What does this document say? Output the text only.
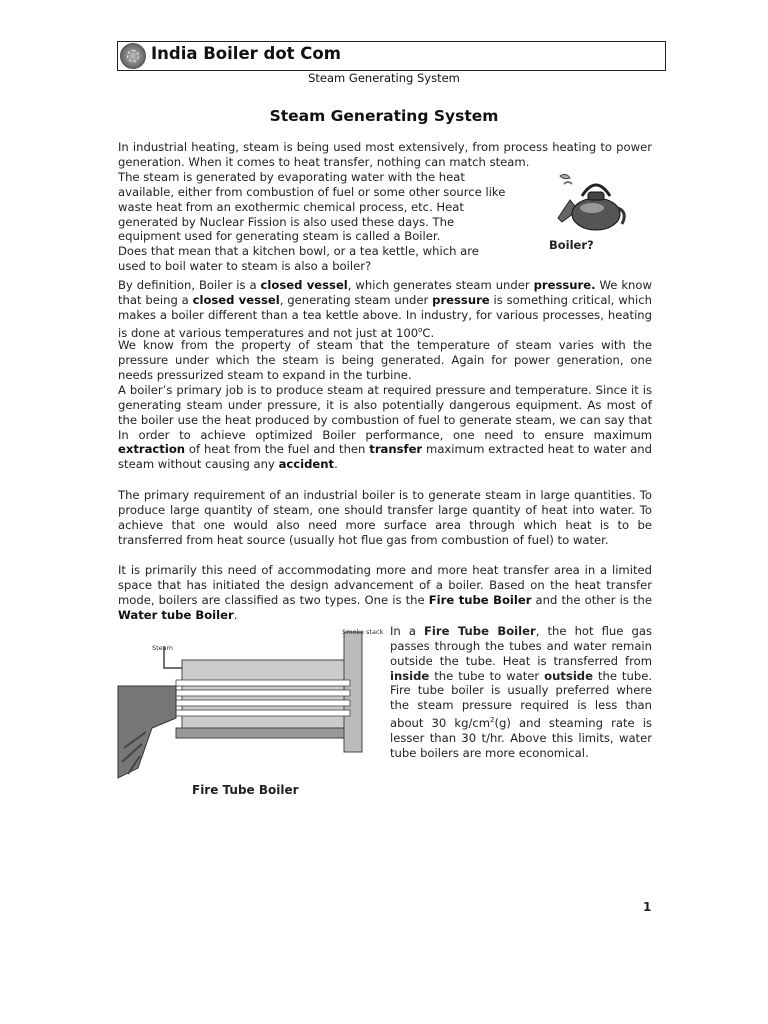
India Boiler dot Com
Steam Generating System
Steam Generating System
In industrial heating, steam is being used most extensively, from process heating to power generation. When it comes to heat transfer, nothing can match steam.
The steam is generated by evaporating water with the heat
available, either from combustion of fuel or some other source like
waste heat from an exothermic chemical process, etc. Heat
generated by Nuclear Fission is also used these days. The
equipment used for generating steam is called a Boiler.
Does that mean that a kitchen bowl, or a tea kettle, which are
used to boil water to steam is also a boiler?
Boiler?
By definition, Boiler is a closed vessel, which generates steam under pressure. We know that being a closed vessel, generating steam under pressure is something critical, which makes a boiler different than a tea kettle above. In industry, for various processes, heating is done at various temperatures and not just at 100$^o$C.
We know from the property of steam that the temperature of steam varies with the pressure under which the steam is being generated. Again for power generation, one needs pressurized steam to expand in the turbine.
A boiler’s primary job is to produce steam at required pressure and temperature. Since it is generating steam under pressure, it is also potentially dangerous equipment. As most of the boiler use the heat produced by combustion of fuel to generate steam, we can say that In order to achieve optimized Boiler performance, one need to ensure maximum extraction of heat from the fuel and then transfer maximum extracted heat to water and steam without causing any accident.
The primary requirement of an industrial boiler is to generate steam in large quantities. To produce large quantity of steam, one should transfer large quantity of heat into water. To achieve that one would also need more surface area through which heat is to be transferred from heat source (usually hot flue gas from combustion of fuel) to water.
It is primarily this need of accommodating more and more heat transfer area in a limited space that has initiated the design advancement of a boiler. Based on the heat transfer mode, boilers are classified as two types. One is the Fire tube Boiler and the other is the Water tube Boiler.
Smoke stack
Steam
Fire Tube Boiler
In a Fire Tube Boiler, the hot flue gas passes through the tubes and water remain outside the tube. Heat is transferred from inside the tube to water outside the tube. Fire tube boiler is usually preferred where the steam pressure required is less than about 30 $kg/cm^2(g)$ and steaming rate is lesser than 30 t/hr. Above this limits, water tube boilers are more economical.
1
